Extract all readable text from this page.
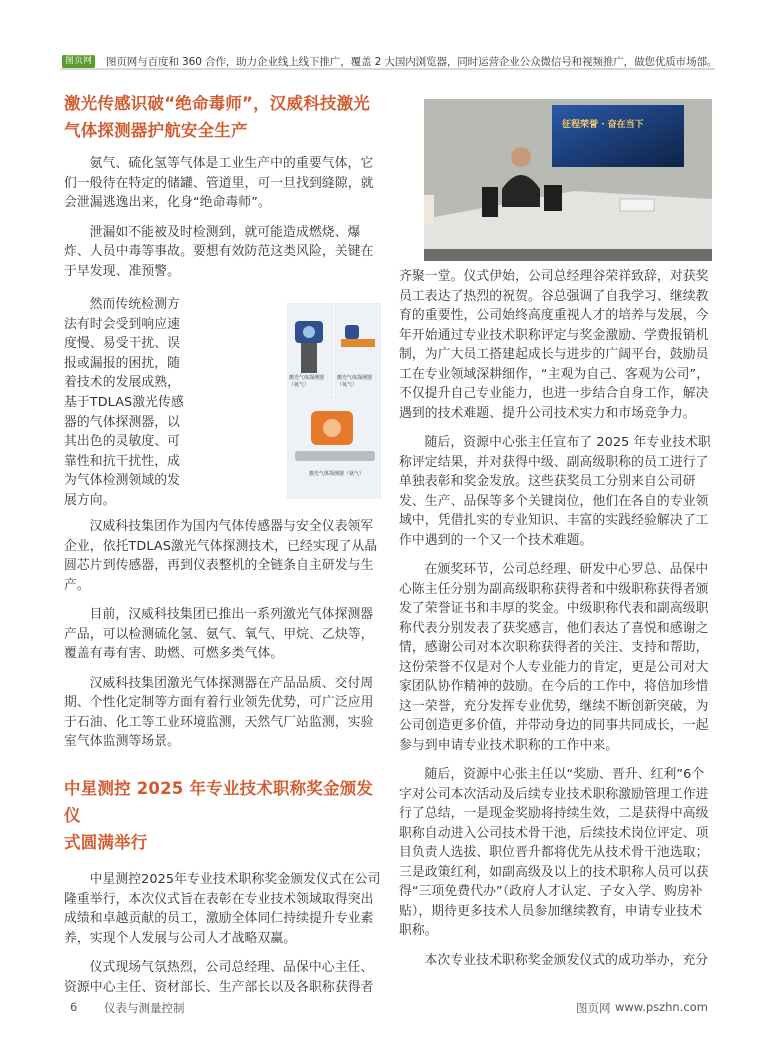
图页网 图页网与百度和 360 合作，助力企业线上线下推广，覆盖 2 大国内浏览器，同时运营企业公众微信号和视频推广，做您优质市场部。
激光传感识破“绝命毒师”，汉威科技激光
气体探测器护航安全生产

氨气、硫化氢等气体是工业生产中的重要气体，它们一般待在特定的储罐、管道里，可一旦找到缝隙，就会泄漏逃逸出来，化身“绝命毒师”。

泄漏如不能被及时检测到，就可能造成燃烧、爆炸、人员中毒等事故。要想有效防范这类风险，关键在于早发现、准预警。

然而传统检测方
法有时会受到响应速
度慢、易受干扰、误
报或漏报的困扰，随
着技术的发展成熟，
基于TDLAS激光传感
器的气体探测器，以
其出色的灵敏度、可
靠性和抗干扰性，成
为气体检测领域的发
展方向。

激光气体探测器（氨气）
激光气体探测器（氧气）
激光气体探测器（氨气）

汉威科技集团作为国内气体传感器与安全仪表领军企业，依托TDLAS激光气体探测技术，已经实现了从晶圆芯片到传感器，再到仪表整机的全链条自主研发与生产。

目前，汉威科技集团已推出一系列激光气体探测器产品，可以检测硫化氢、氨气、氧气、甲烷、乙炔等，覆盖有毒有害、助燃、可燃多类气体。

汉威科技集团激光气体探测器在产品品质、交付周期、个性化定制等方面有着行业领先优势，可广泛应用于石油、化工等工业环境监测，天然气厂站监测，实验室气体监测等场景。

中星测控 2025 年专业技术职称奖金颁发仪
式圆满举行

中星测控2025年专业技术职称奖金颁发仪式在公司隆重举行，本次仪式旨在表彰在专业技术领域取得突出成绩和卓越贡献的员工，激励全体同仁持续提升专业素养，实现个人发展与公司人才战略双赢。

仪式现场气氛热烈，公司总经理、品保中心主任、资源中心主任、资材部长、生产部长以及各职称获得者

征程荣誉 · 奋在当下

齐聚一堂。仪式伊始，公司总经理谷荣祥致辞，对获奖员工表达了热烈的祝贺。谷总强调了自我学习、继续教育的重要性，公司始终高度重视人才的培养与发展，今年开始通过专业技术职称评定与奖金激励、学费报销机制，为广大员工搭建起成长与进步的广阔平台，鼓励员工在专业领域深耕细作，“主观为自己、客观为公司”，不仅提升自己专业能力，也进一步结合自身工作，解决遇到的技术难题、提升公司技术实力和市场竞争力。

随后，资源中心张主任宣布了 2025 年专业技术职称评定结果，并对获得中级、副高级职称的员工进行了单独表彰和奖金发放。这些获奖员工分别来自公司研发、生产、品保等多个关键岗位，他们在各自的专业领域中，凭借扎实的专业知识、丰富的实践经验解决了工作中遇到的一个又一个技术难题。

在颁奖环节，公司总经理、研发中心罗总、品保中心陈主任分别为副高级职称获得者和中级职称获得者颁发了荣誉证书和丰厚的奖金。中级职称代表和副高级职称代表分别发表了获奖感言，他们表达了喜悦和感谢之情，感谢公司对本次职称获得者的关注、支持和帮助，这份荣誉不仅是对个人专业能力的肯定，更是公司对大家团队协作精神的鼓励。在今后的工作中，将倍加珍惜这一荣誉，充分发挥专业优势，继续不断创新突破，为公司创造更多价值，并带动身边的同事共同成长，一起参与到申请专业技术职称的工作中来。

随后，资源中心张主任以“奖励、晋升、红利”6个字对公司本次活动及后续专业技术职称激励管理工作进行了总结，一是现金奖励将持续生效，二是获得中高级职称自动进入公司技术骨干池，后续技术岗位评定、项目负责人选拔、职位晋升都将优先从技术骨干池选取；三是政策红利，如副高级及以上的技术职称人员可以获得“三项免费代办”（政府人才认定、子女入学、购房补贴），期待更多技术人员参加继续教育，申请专业技术职称。

本次专业技术职称奖金颁发仪式的成功举办，充分

6 仪表与测量控制	图页网 www.pszhn.com
